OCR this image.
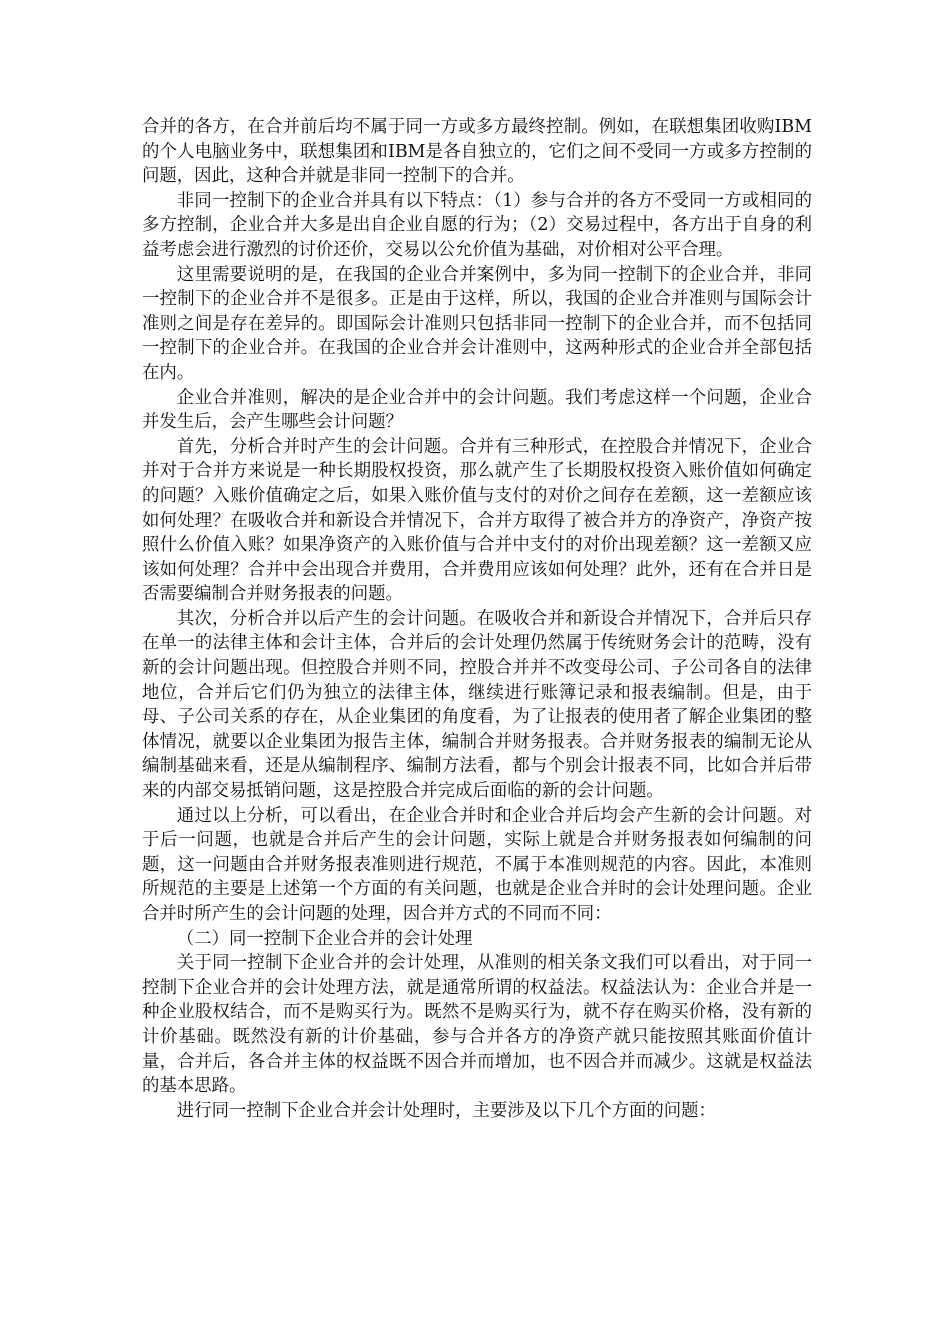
合并的各方，在合并前后均不属于同一方或多方最终控制。例如，在联想集团收购IBM的个人电脑业务中，联想集团和IBM是各自独立的，它们之间不受同一方或多方控制的问题，因此，这种合并就是非同一控制下的合并。

非同一控制下的企业合并具有以下特点：（1）参与合并的各方不受同一方或相同的多方控制，企业合并大多是出自企业自愿的行为；（2）交易过程中，各方出于自身的利益考虑会进行激烈的讨价还价，交易以公允价值为基础，对价相对公平合理。

这里需要说明的是，在我国的企业合并案例中，多为同一控制下的企业合并，非同一控制下的企业合并不是很多。正是由于这样，所以，我国的企业合并准则与国际会计准则之间是存在差异的。即国际会计准则只包括非同一控制下的企业合并，而不包括同一控制下的企业合并。在我国的企业合并会计准则中，这两种形式的企业合并全部包括在内。

企业合并准则，解决的是企业合并中的会计问题。我们考虑这样一个问题，企业合并发生后，会产生哪些会计问题？

首先，分析合并时产生的会计问题。合并有三种形式，在控股合并情况下，企业合并对于合并方来说是一种长期股权投资，那么就产生了长期股权投资入账价值如何确定的问题？入账价值确定之后，如果入账价值与支付的对价之间存在差额，这一差额应该如何处理？在吸收合并和新设合并情况下，合并方取得了被合并方的净资产，净资产按照什么价值入账？如果净资产的入账价值与合并中支付的对价出现差额？这一差额又应该如何处理？合并中会出现合并费用，合并费用应该如何处理？此外，还有在合并日是否需要编制合并财务报表的问题。

其次，分析合并以后产生的会计问题。在吸收合并和新设合并情况下，合并后只存在单一的法律主体和会计主体，合并后的会计处理仍然属于传统财务会计的范畴，没有新的会计问题出现。但控股合并则不同，控股合并并不改变母公司、子公司各自的法律地位，合并后它们仍为独立的法律主体，继续进行账簿记录和报表编制。但是，由于母、子公司关系的存在，从企业集团的角度看，为了让报表的使用者了解企业集团的整体情况，就要以企业集团为报告主体，编制合并财务报表。合并财务报表的编制无论从编制基础来看，还是从编制程序、编制方法看，都与个别会计报表不同，比如合并后带来的内部交易抵销问题，这是控股合并完成后面临的新的会计问题。

通过以上分析，可以看出，在企业合并时和企业合并后均会产生新的会计问题。对于后一问题，也就是合并后产生的会计问题，实际上就是合并财务报表如何编制的问题，这一问题由合并财务报表准则进行规范，不属于本准则规范的内容。因此，本准则所规范的主要是上述第一个方面的有关问题，也就是企业合并时的会计处理问题。企业合并时所产生的会计问题的处理，因合并方式的不同而不同：

（二）同一控制下企业合并的会计处理

关于同一控制下企业合并的会计处理，从准则的相关条文我们可以看出，对于同一控制下企业合并的会计处理方法，就是通常所谓的权益法。权益法认为：企业合并是一种企业股权结合，而不是购买行为。既然不是购买行为，就不存在购买价格，没有新的计价基础。既然没有新的计价基础，参与合并各方的净资产就只能按照其账面价值计量，合并后，各合并主体的权益既不因合并而增加，也不因合并而减少。这就是权益法的基本思路。

进行同一控制下企业合并会计处理时，主要涉及以下几个方面的问题：
